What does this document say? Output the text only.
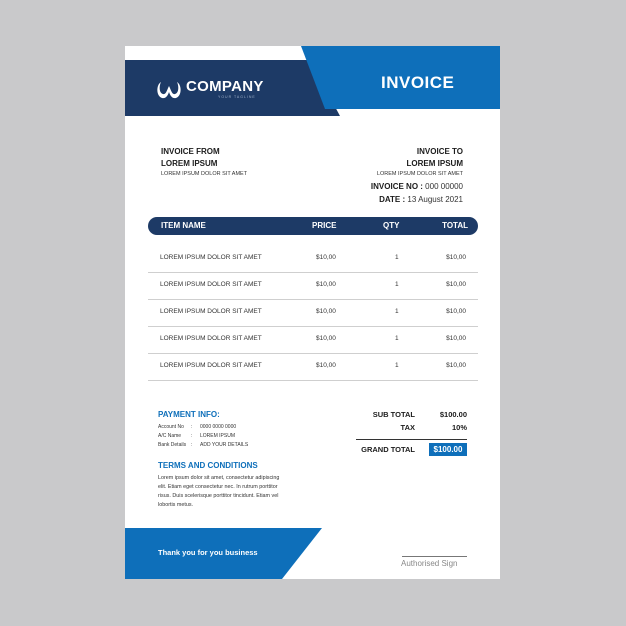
COMPANY
YOUR TAGLINE
INVOICE
INVOICE FROM
LOREM IPSUM
LOREM IPSUM DOLOR SIT AMET
INVOICE TO
LOREM IPSUM
LOREM IPSUM DOLOR SIT AMET
INVOICE NO : 000 00000
DATE : 13 August 2021
ITEM NAME	PRICE	QTY	TOTAL
LOREM IPSUM DOLOR SIT AMET	$10,00	1	$10,00
LOREM IPSUM DOLOR SIT AMET	$10,00	1	$10,00
LOREM IPSUM DOLOR SIT AMET	$10,00	1	$10,00
LOREM IPSUM DOLOR SIT AMET	$10,00	1	$10,00
LOREM IPSUM DOLOR SIT AMET	$10,00	1	$10,00
PAYMENT INFO:
Account No : 0000 0000 0000
A/C Name : LOREM IPSUM
Bank Details : ADD YOUR DETAILS
TERMS AND CONDITIONS
Lorem ipsum dolor sit amet, consectetur adipiscing elit. Etiam eget consectetur nec. In rutrum porttitor risus. Duis scelerisque porttitor tincidunt. Etiam vel lobortis metus.
SUB TOTAL	$100.00
TAX	10%
GRAND TOTAL	$100.00
Thank you for you business
Authorised Sign
